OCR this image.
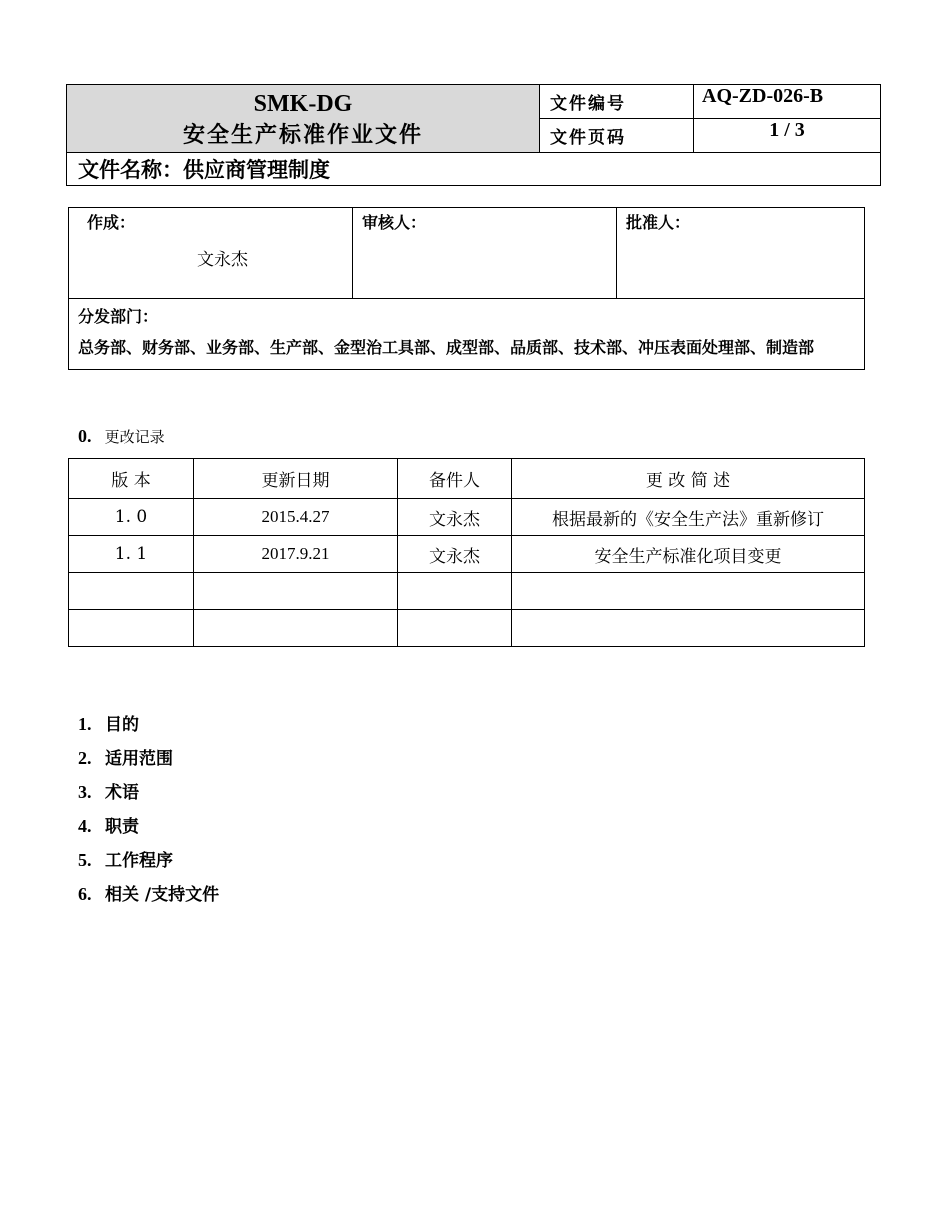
SMK-DG
安全生产标准作业文件	文件编号	AQ-ZD-026-B
	文件页码	1 / 3
文件名称：供应商管理制度		
作成：
文永杰

审核人：	批准人：

分发部门：
总务部、财务部、业务部、生产部、金型治工具部、成型部、品质部、技术部、冲压表面处理部、制造部
0. 更改记录
版 本	更新日期	备件人	更 改 简 述
1. 0	2015.4.27	文永杰	根据最新的《安全生产法》重新修订
1. 1	2017.9.21	文永杰	安全生产标准化项目变更

1. 目的
2. 适用范围
3. 术语
4. 职责
5. 工作程序
6. 相关 /支持文件
